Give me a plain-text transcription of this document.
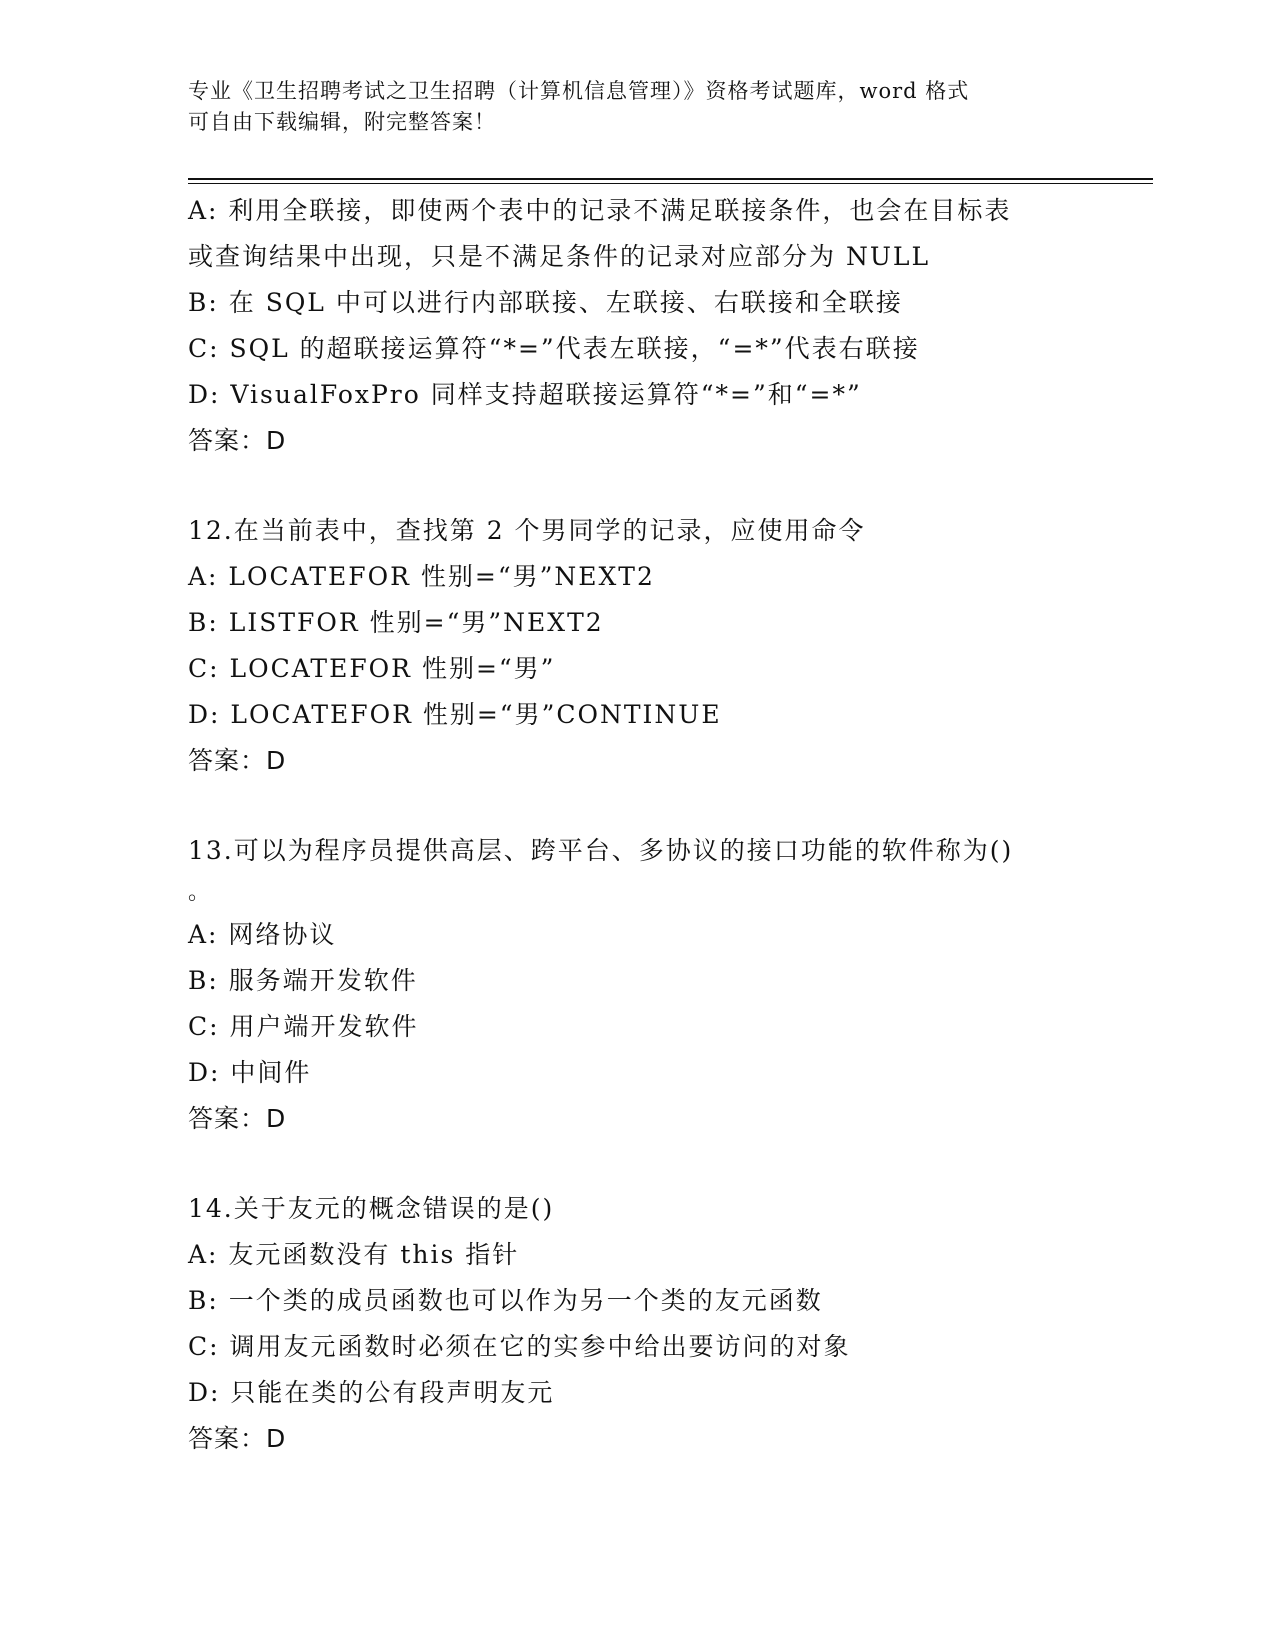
专业《卫生招聘考试之卫生招聘（计算机信息管理）》资格考试题库，word 格式
可自由下载编辑，附完整答案！
A: 利用全联接，即使两个表中的记录不满足联接条件，也会在目标表
或查询结果中出现，只是不满足条件的记录对应部分为 NULL
B: 在 SQL 中可以进行内部联接、左联接、右联接和全联接
C: SQL 的超联接运算符“*=”代表左联接，“=*”代表右联接
D: VisualFoxPro 同样支持超联接运算符“*=”和“=*”
答案：D
12.在当前表中，查找第 2 个男同学的记录，应使用命令
A: LOCATEFOR 性别=“男”NEXT2
B: LISTFOR 性别=“男”NEXT2
C: LOCATEFOR 性别=“男”
D: LOCATEFOR 性别=“男”CONTINUE
答案：D
13.可以为程序员提供高层、跨平台、多协议的接口功能的软件称为()
。
A: 网络协议
B: 服务端开发软件
C: 用户端开发软件
D: 中间件
答案：D
14.关于友元的概念错误的是()
A: 友元函数没有 this 指针
B: 一个类的成员函数也可以作为另一个类的友元函数
C: 调用友元函数时必须在它的实参中给出要访问的对象
D: 只能在类的公有段声明友元
答案：D
